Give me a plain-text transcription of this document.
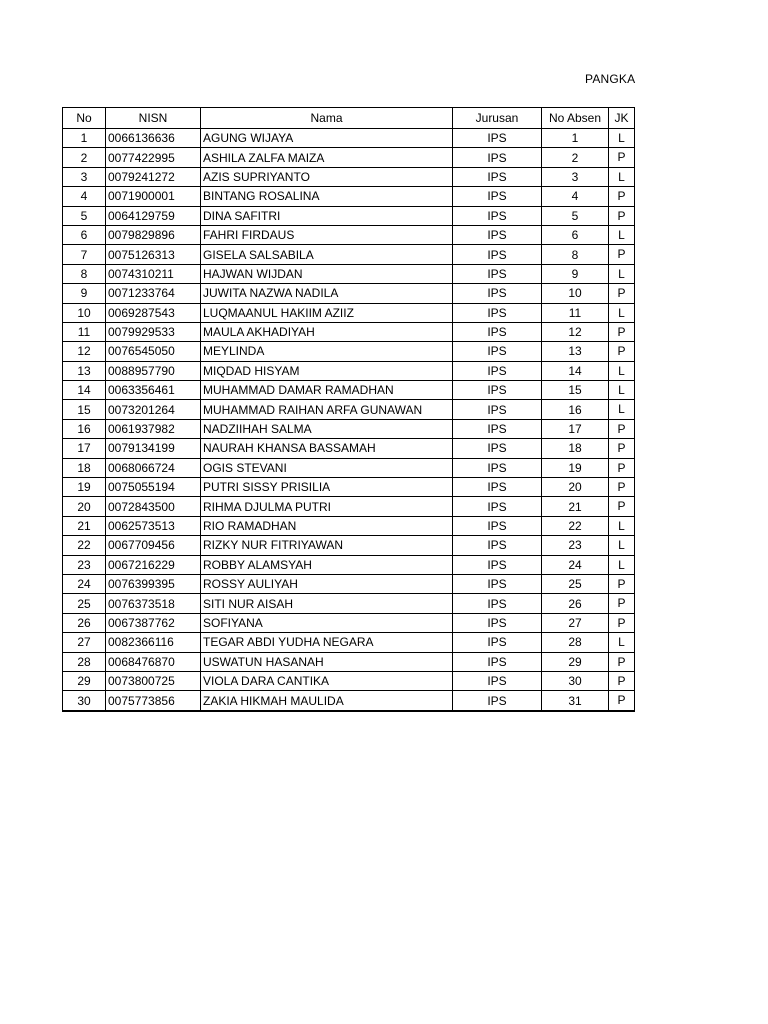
PANGKA
No	NISN	Nama	Jurusan	No Absen	JK
1	0066136636	AGUNG WIJAYA	IPS	1	L
2	0077422995	ASHILA ZALFA MAIZA	IPS	2	P
3	0079241272	AZIS SUPRIYANTO	IPS	3	L
4	0071900001	BINTANG ROSALINA	IPS	4	P
5	0064129759	DINA SAFITRI	IPS	5	P
6	0079829896	FAHRI FIRDAUS	IPS	6	L
7	0075126313	GISELA SALSABILA	IPS	8	P
8	0074310211	HAJWAN WIJDAN	IPS	9	L
9	0071233764	JUWITA NAZWA NADILA	IPS	10	P
10	0069287543	LUQMAANUL HAKIIM AZIIZ	IPS	11	L
11	0079929533	MAULA AKHADIYAH	IPS	12	P
12	0076545050	MEYLINDA	IPS	13	P
13	0088957790	MIQDAD HISYAM	IPS	14	L
14	0063356461	MUHAMMAD DAMAR RAMADHAN	IPS	15	L
15	0073201264	MUHAMMAD RAIHAN ARFA GUNAWAN	IPS	16	L
16	0061937982	NADZIIHAH SALMA	IPS	17	P
17	0079134199	NAURAH KHANSA BASSAMAH	IPS	18	P
18	0068066724	OGIS STEVANI	IPS	19	P
19	0075055194	PUTRI SISSY PRISILIA	IPS	20	P
20	0072843500	RIHMA DJULMA PUTRI	IPS	21	P
21	0062573513	RIO RAMADHAN	IPS	22	L
22	0067709456	RIZKY NUR FITRIYAWAN	IPS	23	L
23	0067216229	ROBBY ALAMSYAH	IPS	24	L
24	0076399395	ROSSY AULIYAH	IPS	25	P
25	0076373518	SITI NUR AISAH	IPS	26	P
26	0067387762	SOFIYANA	IPS	27	P
27	0082366116	TEGAR ABDI YUDHA NEGARA	IPS	28	L
28	0068476870	USWATUN HASANAH	IPS	29	P
29	0073800725	VIOLA DARA CANTIKA	IPS	30	P
30	0075773856	ZAKIA HIKMAH MAULIDA	IPS	31	P
